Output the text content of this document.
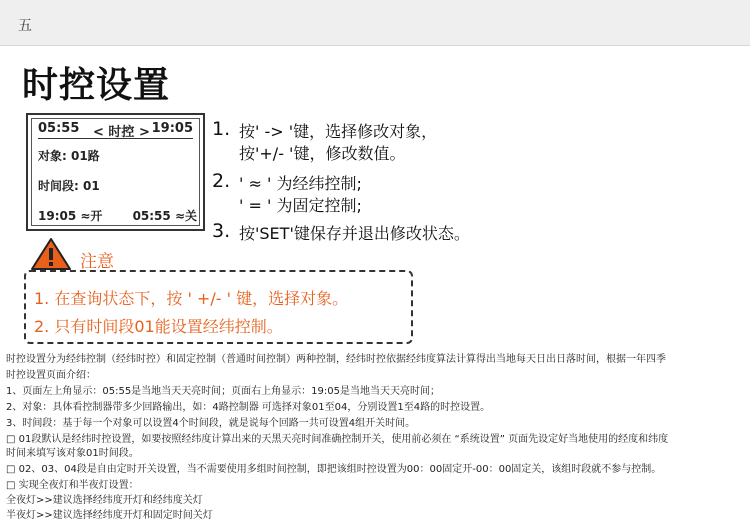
五
时控设置
05:55 < 时控 > 19:05
对象: 01路
时间段: 01
19:05 ≈开	05:55 ≈关
1. 按' -> '键，选择修改对象，
按'+/- '键，修改数值。
2. ' ≈ ' 为经纬控制;
' = ' 为固定控制;
3. 按'SET'键保存并退出修改状态。
注意
1. 在查询状态下，按 ' +/- ' 键，选择对象。
2. 只有时间段01能设置经纬控制。
时控设置分为经纬控制（经纬时控）和固定控制（普通时间控制）两种控制，经纬时控依据经纬度算法计算得出当地每天日出日落时间，根据一年四季
时控设置页面介绍：
1、页面左上角显示：05:55是当地当天天亮时间；页面右上角显示：19:05是当地当天天亮时间；
2、对象：具体看控制器带多少回路输出，如：4路控制器 可选择对象01至04，分别设置1至4路的时控设置。
3、时间段：基于每一个对象可以设置4个时间段，就是说每个回路一共可设置4组开关时间。
□ 01段默认是经纬时控设置，如要按照经纬度计算出来的天黑天亮时间准确控制开关，使用前必须在 “系统设置” 页面先设定好当地使用的经度和纬度
时间来填写该对象01时间段。
□ 02、03、04段是自由定时开关设置，当不需要使用多组时间控制，即把该组时控设置为00：00固定开-00：00固定关，该组时段就不参与控制。
□ 实现全夜灯和半夜灯设置：
全夜灯>>建议选择经纬度开灯和经纬度关灯
半夜灯>>建议选择经纬度开灯和固定时间关灯
